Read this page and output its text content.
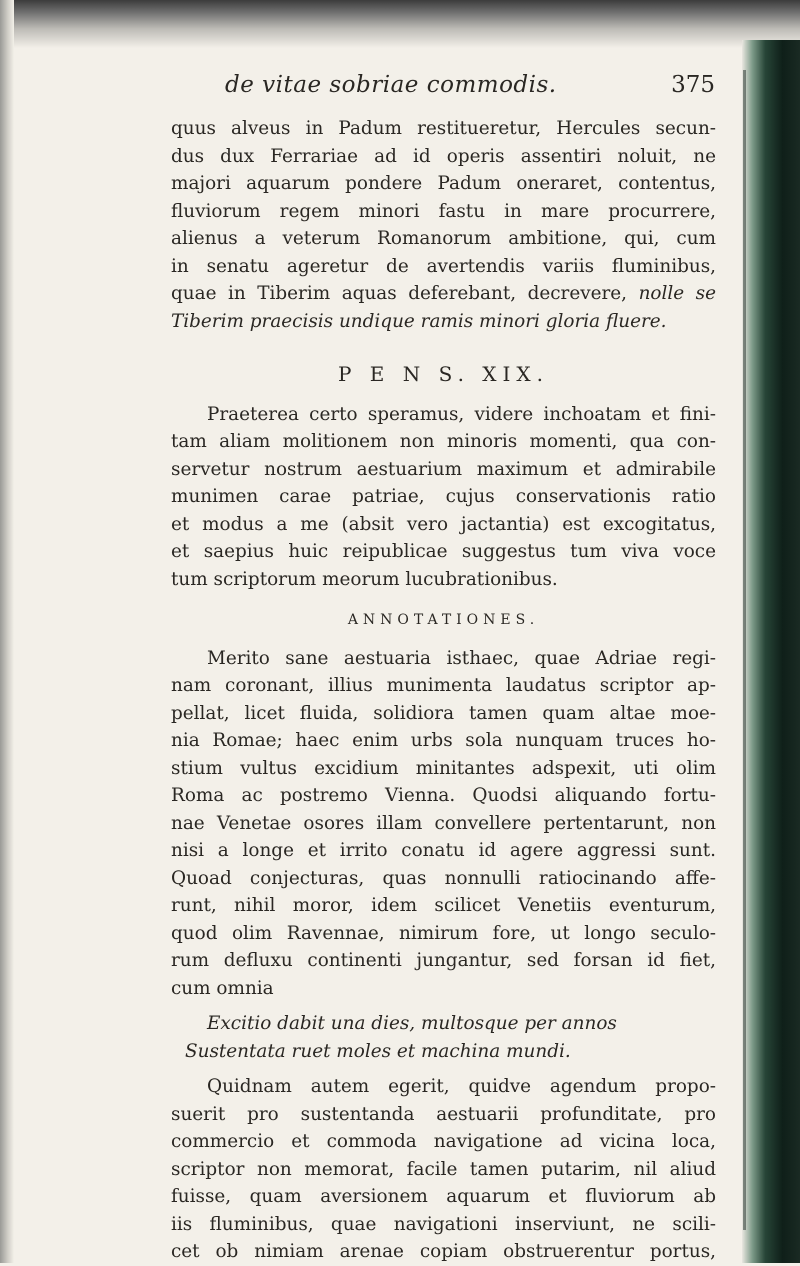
de vitae sobriae commodis.	375

quus alveus in Padum restitueretur, Hercules secun-
dus dux Ferrariae ad id operis assentiri noluit, ne
majori aquarum pondere Padum oneraret, contentus,
fluviorum regem minori fastu in mare procurrere,
alienus a veterum Romanorum ambitione, qui, cum
in senatu ageretur de avertendis variis fluminibus,
quae in Tiberim aquas deferebant, decrevere, nolle se
Tiberim praecisis undique ramis minori gloria fluere.

P E N S. XIX.

Praeterea certo speramus, videre inchoatam et fini-
tam aliam molitionem non minoris momenti, qua con-
servetur nostrum aestuarium maximum et admirabile
munimen carae patriae, cujus conservationis ratio
et modus a me (absit vero jactantia) est excogitatus,
et saepius huic reipublicae suggestus tum viva voce
tum scriptorum meorum lucubrationibus.

ANNOTATIONES.

Merito sane aestuaria isthaec, quae Adriae regi-
nam coronant, illius munimenta laudatus scriptor ap-
pellat, licet fluida, solidiora tamen quam altae moe-
nia Romae; haec enim urbs sola nunquam truces ho-
stium vultus excidium minitantes adspexit, uti olim
Roma ac postremo Vienna. Quodsi aliquando fortu-
nae Venetae osores illam convellere pertentarunt, non
nisi a longe et irrito conatu id agere aggressi sunt.
Quoad conjecturas, quas nonnulli ratiocinando affe-
runt, nihil moror, idem scilicet Venetiis eventurum,
quod olim Ravennae, nimirum fore, ut longo seculo-
rum defluxu continenti jungantur, sed forsan id fiet,
cum omnia

Excitio dabit una dies, multosque per annos
Sustentata ruet moles et machina mundi.

Quidnam autem egerit, quidve agendum propo-
suerit pro sustentanda aestuarii profunditate, pro
commercio et commoda navigatione ad vicina loca,
scriptor non memorat, facile tamen putarim, nil aliud
fuisse, quam aversionem aquarum et fluviorum ab
iis fluminibus, quae navigationi inserviunt, ne scili-
cet ob nimiam arenae copiam obstruerentur portus,
